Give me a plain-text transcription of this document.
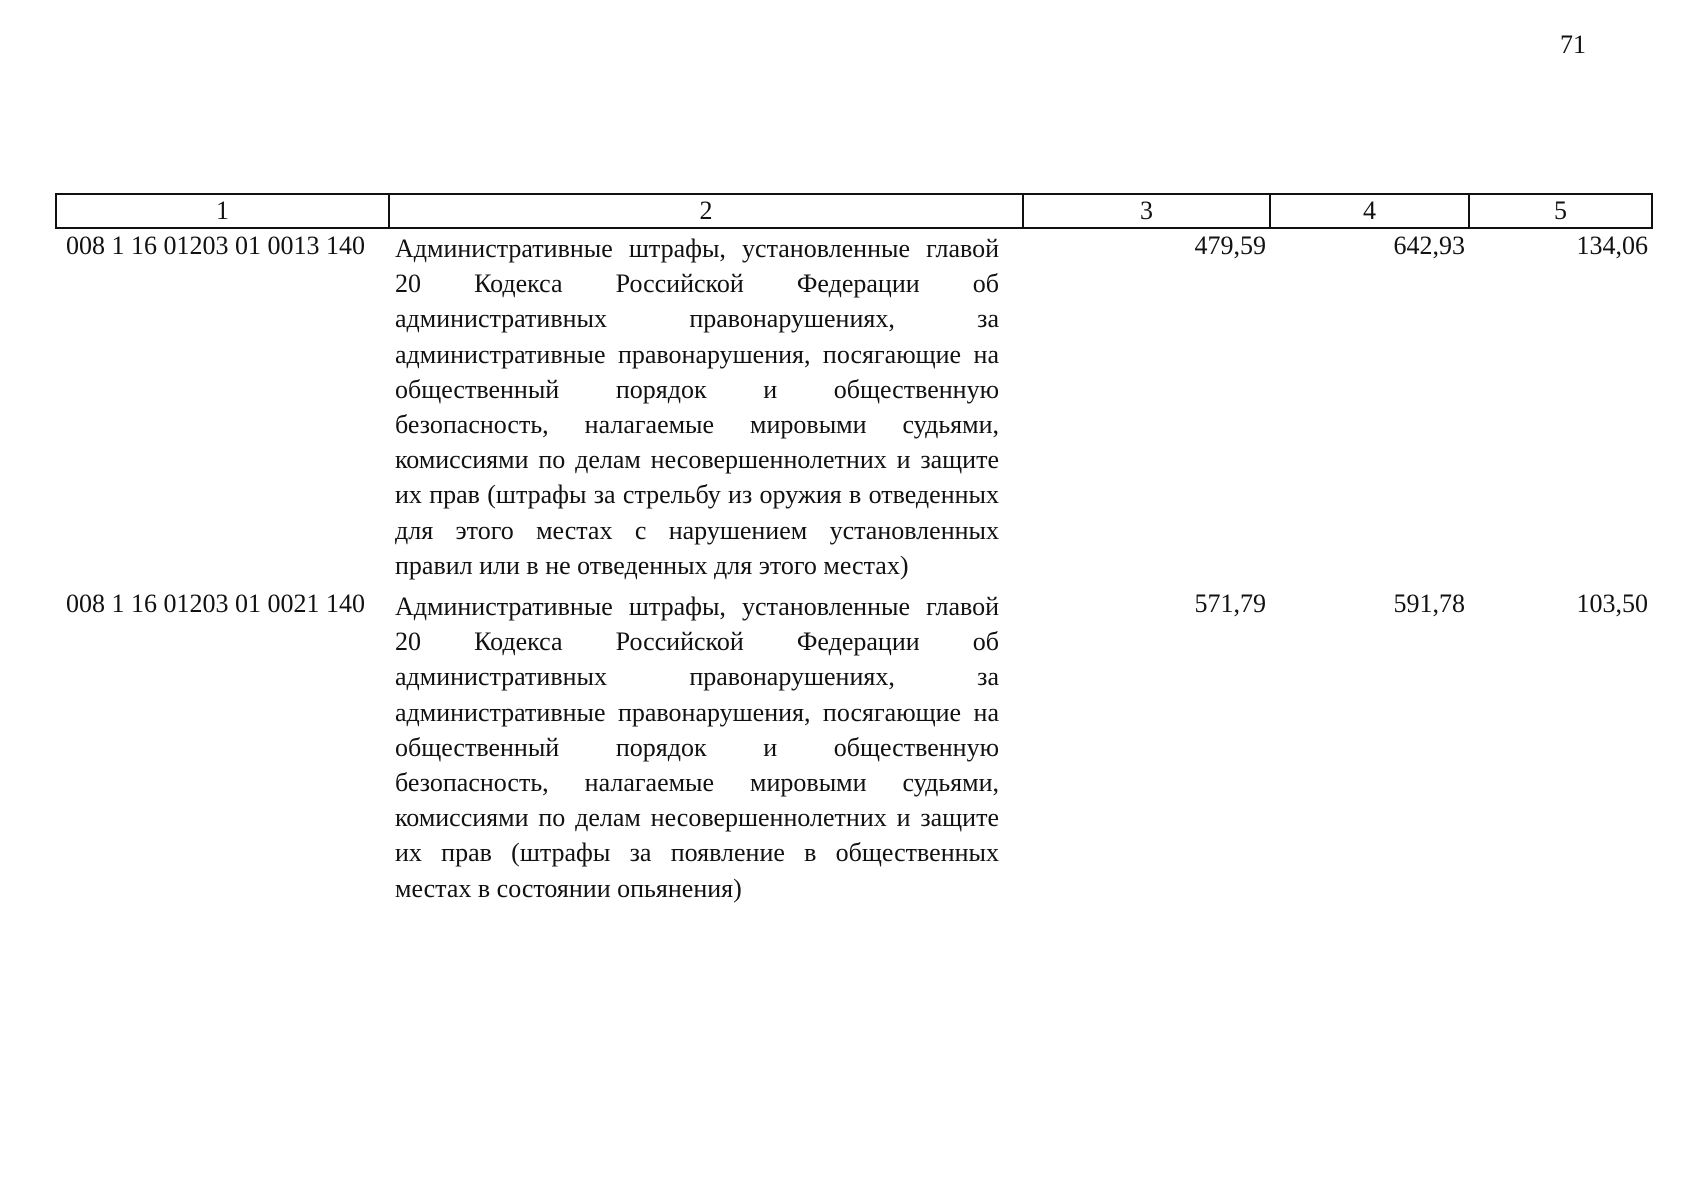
71
1	2	3	4	5
008 1 16 01203 01 0013 140	Административные штрафы, установленные главой 20 Кодекса Российской Федерации об административных правонарушениях, за административные правонарушения, посягающие на общественный порядок и общественную безопасность, налагаемые мировыми судьями, комиссиями по делам несовершеннолетних и защите их прав (штрафы за стрельбу из оружия в отведенных для этого местах с нарушением установленных правил или в не отведенных для этого местах)	479,59	642,93	134,06
008 1 16 01203 01 0021 140	Административные штрафы, установленные главой 20 Кодекса Российской Федерации об административных правонарушениях, за административные правонарушения, посягающие на общественный порядок и общественную безопасность, налагаемые мировыми судьями, комиссиями по делам несовершеннолетних и защите их прав (штрафы за появление в общественных местах в состоянии опьянения)	571,79	591,78	103,50
